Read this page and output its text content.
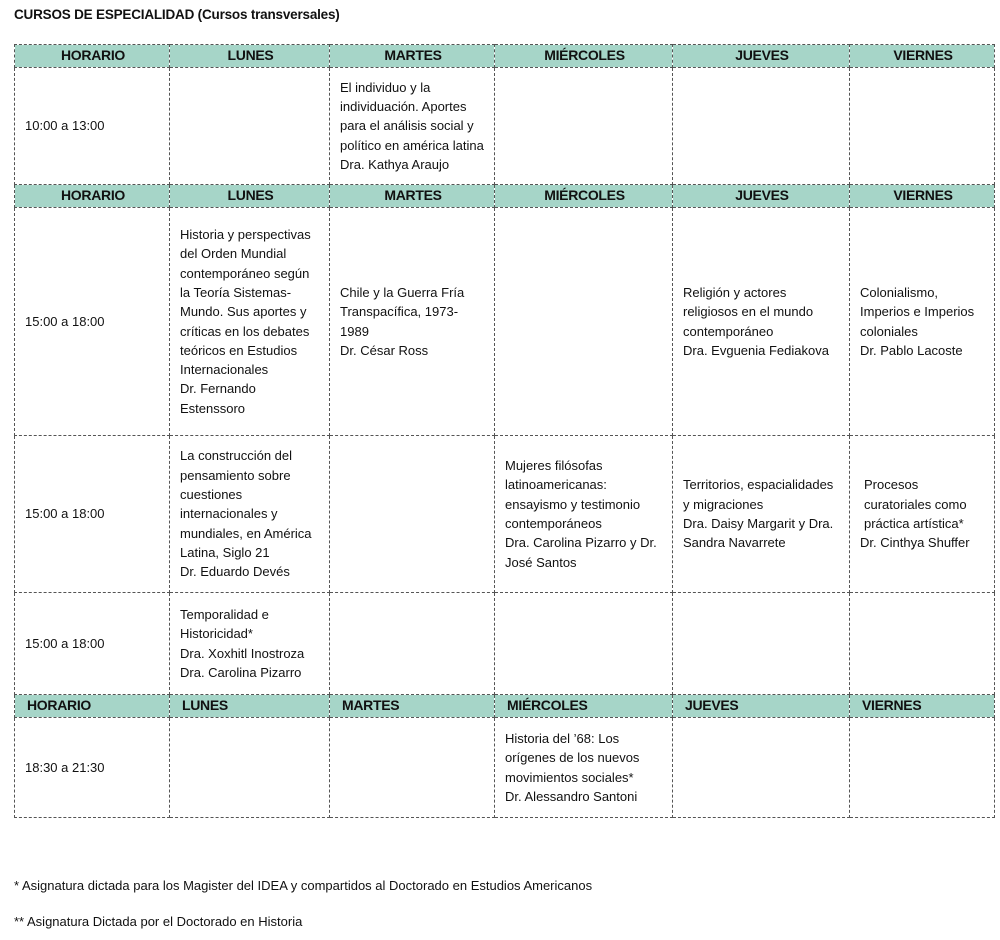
CURSOS DE ESPECIALIDAD (Cursos transversales)
HORARIO	LUNES	MARTES	MIÉRCOLES	JUEVES	VIERNES
10:00 a 13:00		El individuo y la individuación. Aportes para el análisis social y político en américa latina
Dra. Kathya Araujo			

HORARIO	LUNES	MARTES	MIÉRCOLES	JUEVES	VIERNES
15:00 a 18:00	Historia y perspectivas del Orden Mundial contemporáneo según la Teoría Sistemas-Mundo. Sus aportes y críticas en los debates teóricos en Estudios Internacionales
Dr. Fernando Estenssoro	Chile y la Guerra Fría Transpacífica, 1973-1989
Dr. César Ross		Religión y actores religiosos en el mundo contemporáneo
Dra. Evguenia Fediakova	Colonialismo, Imperios e Imperios coloniales
Dr. Pablo Lacoste

15:00 a 18:00	La construcción del pensamiento sobre cuestiones internacionales y mundiales, en América Latina, Siglo 21
Dr. Eduardo Devés		Mujeres filósofas latinoamericanas: ensayismo y testimonio contemporáneos
Dra. Carolina Pizarro y Dr. José Santos	Territorios, espacialidades y migraciones
Dra. Daisy Margarit y Dra. Sandra Navarrete	Procesos curatoriales como práctica artística*
Dr. Cinthya Shuffer

15:00 a 18:00	Temporalidad e Historicidad*
Dra. Xoxhitl Inostroza
Dra. Carolina Pizarro				

HORARIO	LUNES	MARTES	MIÉRCOLES	JUEVES	VIERNES
18:30 a 21:30			Historia del ’68: Los orígenes de los nuevos movimientos sociales*
Dr. Alessandro Santoni		

* Asignatura dictada para los Magister del IDEA y compartidos al Doctorado en Estudios Americanos
** Asignatura Dictada por el Doctorado en Historia
